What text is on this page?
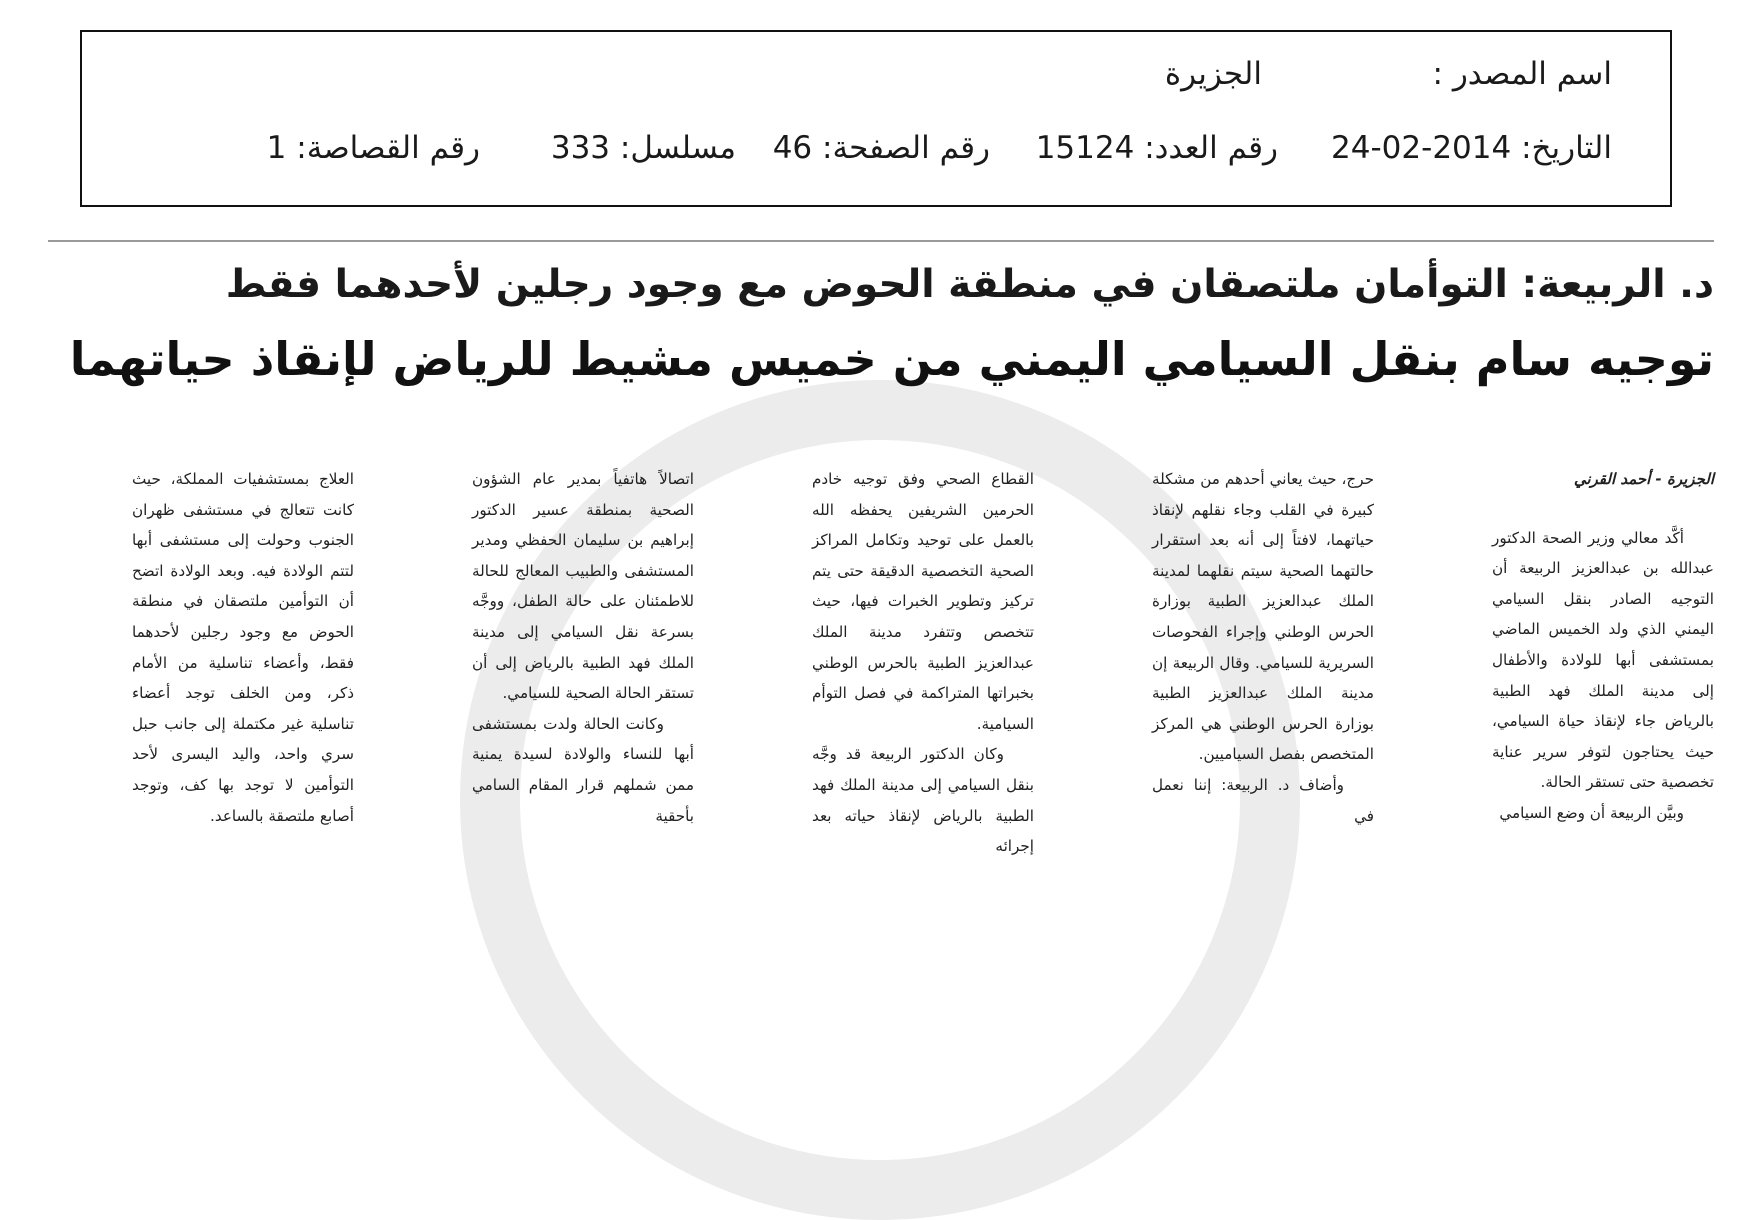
اسم المصدر :
الجزيرة
التاريخ: 2014-02-24
رقم العدد: 15124
رقم الصفحة: 46
مسلسل: 333
رقم القصاصة: 1
د. الربيعة: التوأمان ملتصقان في منطقة الحوض مع وجود رجلين لأحدهما فقط
توجيه سام بنقل السيامي اليمني من خميس مشيط للرياض لإنقاذ حياتهما

الجزيرة - أحمد القرني

أكَّد معالي وزير الصحة الدكتور عبدالله بن عبدالعزيز الربيعة أن التوجيه الصادر بنقل السيامي اليمني الذي ولد الخميس الماضي بمستشفى أبها للولادة والأطفال إلى مدينة الملك فهد الطبية بالرياض جاء لإنقاذ حياة السيامي، حيث يحتاجون لتوفر سرير عناية تخصصية حتى تستقر الحالة.

وبيَّن الربيعة أن وضع السيامي

حرج، حيث يعاني أحدهم من مشكلة كبيرة في القلب وجاء نقلهم لإنقاذ حياتهما، لافتاً إلى أنه بعد استقرار حالتهما الصحية سيتم نقلهما لمدينة الملك عبدالعزيز الطبية بوزارة الحرس الوطني وإجراء الفحوصات السريرية للسيامي. وقال الربيعة إن مدينة الملك عبدالعزيز الطبية بوزارة الحرس الوطني هي المركز المتخصص بفصل السياميين.

وأضاف د. الربيعة: إننا نعمل في

القطاع الصحي وفق توجيه خادم الحرمين الشريفين يحفظه الله بالعمل على توحيد وتكامل المراكز الصحية التخصصية الدقيقة حتى يتم تركيز وتطوير الخبرات فيها، حيث تتخصص وتتفرد مدينة الملك عبدالعزيز الطبية بالحرس الوطني بخبراتها المتراكمة في فصل التوأم السيامية.

وكان الدكتور الربيعة قد وجَّه بنقل السيامي إلى مدينة الملك فهد الطبية بالرياض لإنقاذ حياته بعد إجرائه

اتصالاً هاتفياً بمدير عام الشؤون الصحية بمنطقة عسير الدكتور إبراهيم بن سليمان الحفظي ومدير المستشفى والطبيب المعالج للحالة للاطمئنان على حالة الطفل، ووجَّه بسرعة نقل السيامي إلى مدينة الملك فهد الطبية بالرياض إلى أن تستقر الحالة الصحية للسيامي.

وكانت الحالة ولدت بمستشفى أبها للنساء والولادة لسيدة يمنية ممن شملهم قرار المقام السامي بأحقية

العلاج بمستشفيات المملكة، حيث كانت تتعالج في مستشفى ظهران الجنوب وحولت إلى مستشفى أبها لتتم الولادة فيه. وبعد الولادة اتضح أن التوأمين ملتصقان في منطقة الحوض مع وجود رجلين لأحدهما فقط، وأعضاء تناسلية من الأمام ذكر، ومن الخلف توجد أعضاء تناسلية غير مكتملة إلى جانب حبل سري واحد، واليد اليسرى لأحد التوأمين لا توجد بها كف، وتوجد أصابع ملتصقة بالساعد.
